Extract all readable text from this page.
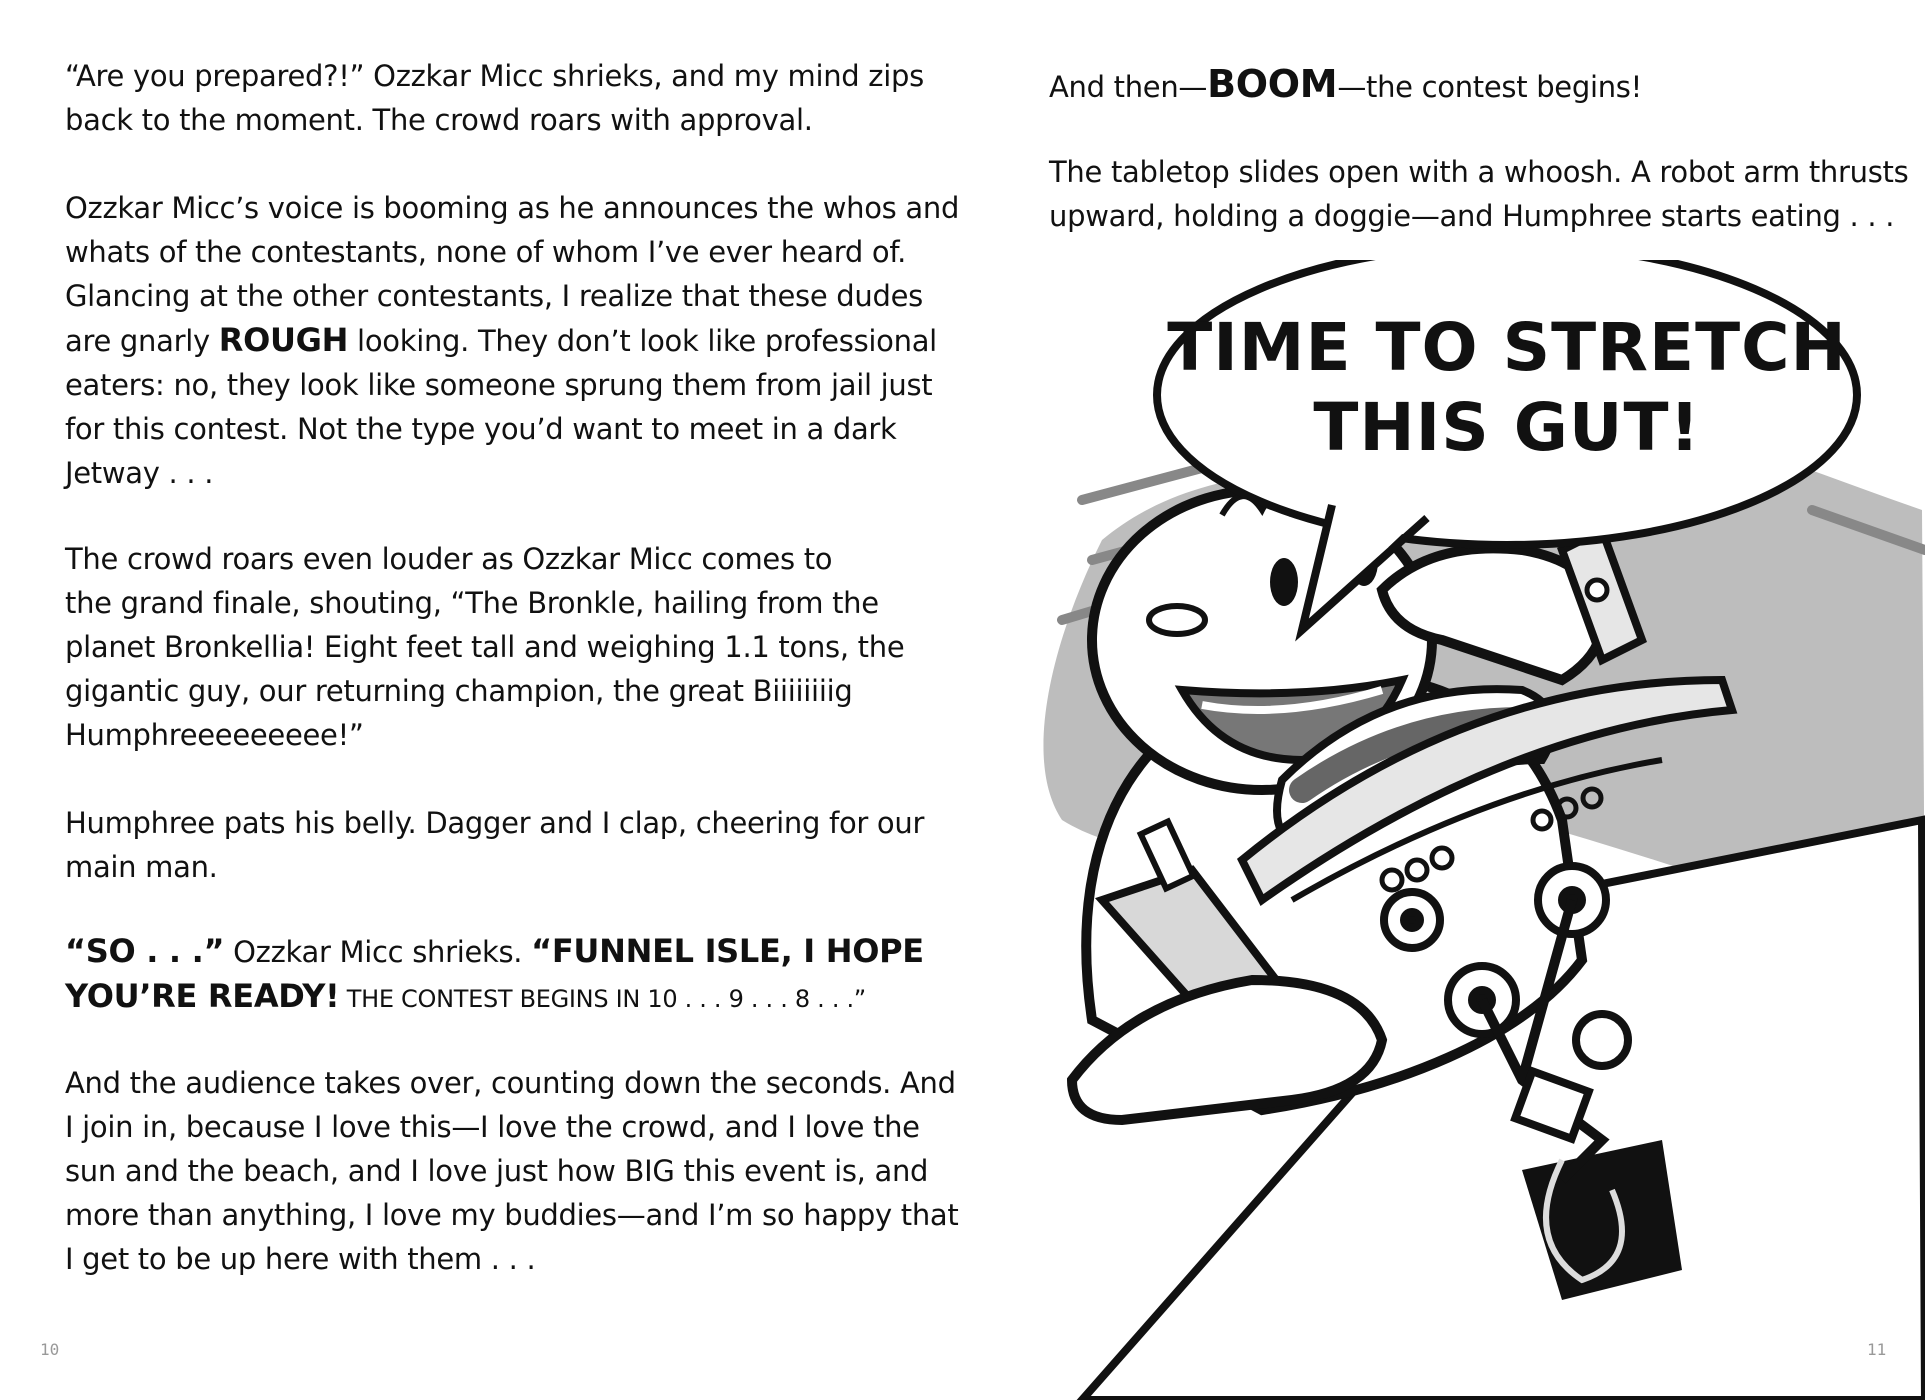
“Are you prepared?!” Ozzkar Micc shrieks, and my mind zips
back to the moment. The crowd roars with approval.

Ozzkar Micc’s voice is booming as he announces the whos and
whats of the contestants, none of whom I’ve ever heard of.
Glancing at the other contestants, I realize that these dudes
are gnarly ROUGH looking. They don’t look like professional
eaters: no, they look like someone sprung them from jail just
for this contest. Not the type you’d want to meet in a dark
Jetway . . .

The crowd roars even louder as Ozzkar Micc comes to
the grand finale, shouting, “The Bronkle, hailing from the
planet Bronkellia! Eight feet tall and weighing 1.1 tons, the
gigantic guy, our returning champion, the great Biiiiiiiig
Humphreeeeeeeee!”

Humphree pats his belly. Dagger and I clap, cheering for our
main man.

“SO . . .” Ozzkar Micc shrieks. “FUNNEL ISLE, I HOPE
YOU’RE READY! THE CONTEST BEGINS IN 10 . . . 9 . . . 8 . . .”

And the audience takes over, counting down the seconds. And
I join in, because I love this—I love the crowd, and I love the
sun and the beach, and I love just how BIG this event is, and
more than anything, I love my buddies—and I’m so happy that
I get to be up here with them . . .

10

And then—BOOM—the contest begins!

The tabletop slides open with a whoosh. A robot arm thrusts
upward, holding a doggie—and Humphree starts eating . . .

TIME TO STRETCH
THIS GUT!
11
